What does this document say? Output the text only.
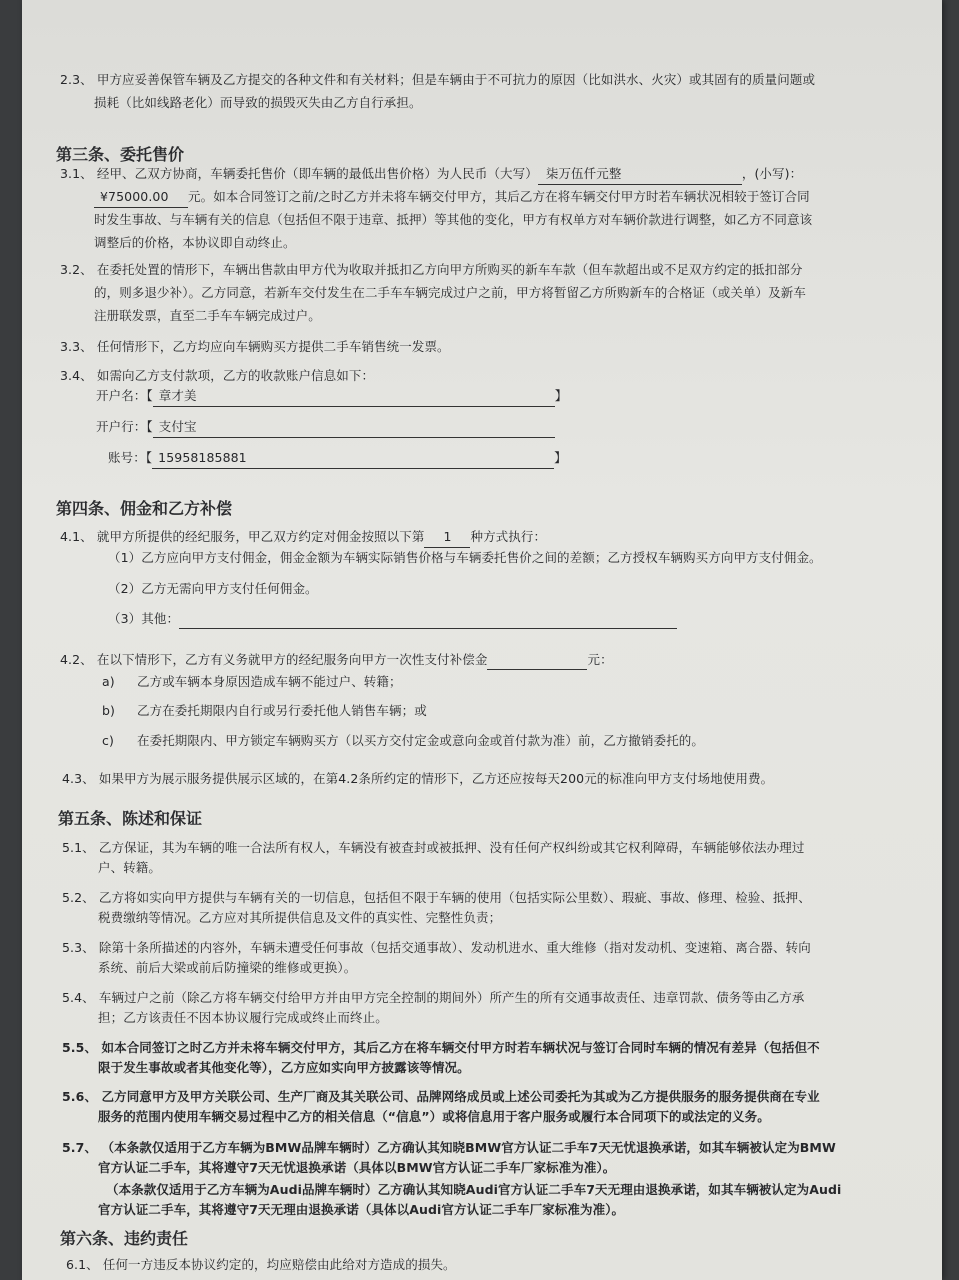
2.3、 甲方应妥善保管车辆及乙方提交的各种文件和有关材料；但是车辆由于不可抗力的原因（比如洪水、火灾）或其固有的质量问题或
损耗（比如线路老化）而导致的损毁灭失由乙方自行承担。
第三条、委托售价
3.1、 经甲、乙双方协商，车辆委托售价（即车辆的最低出售价格）为人民币（大写） 柒万伍仟元整	，(小写)：
¥75000.00 元。如本合同签订之前/之时乙方并未将车辆交付甲方，其后乙方在将车辆交付甲方时若车辆状况相较于签订合同
时发生事故、与车辆有关的信息（包括但不限于违章、抵押）等其他的变化，甲方有权单方对车辆价款进行调整，如乙方不同意该
调整后的价格，本协议即自动终止。
3.2、 在委托处置的情形下，车辆出售款由甲方代为收取并抵扣乙方向甲方所购买的新车车款（但车款超出或不足双方约定的抵扣部分
的，则多退少补）。乙方同意，若新车交付发生在二手车车辆完成过户之前，甲方将暂留乙方所购新车的合格证（或关单）及新车
注册联发票，直至二手车车辆完成过户。
3.3、 任何情形下，乙方均应向车辆购买方提供二手车销售统一发票。
3.4、 如需向乙方支付款项，乙方的收款账户信息如下：
开户名：【 章才美	】
开户行：【 支付宝
账号：【 15958185881	】
第四条、佣金和乙方补偿
4.1、 就甲方所提供的经纪服务，甲乙双方约定对佣金按照以下第 1 种方式执行：
（1）乙方应向甲方支付佣金，佣金金额为车辆实际销售价格与车辆委托售价之间的差额；乙方授权车辆购买方向甲方支付佣金。
（2）乙方无需向甲方支付任何佣金。
（3）其他：
4.2、 在以下情形下，乙方有义务就甲方的经纪服务向甲方一次性支付补偿金	元：
a) 乙方或车辆本身原因造成车辆不能过户、转籍；
b) 乙方在委托期限内自行或另行委托他人销售车辆；或
c) 在委托期限内、甲方锁定车辆购买方（以买方交付定金或意向金或首付款为准）前，乙方撤销委托的。
4.3、 如果甲方为展示服务提供展示区域的，在第4.2条所约定的情形下，乙方还应按每天200元的标准向甲方支付场地使用费。
第五条、陈述和保证
5.1、 乙方保证，其为车辆的唯一合法所有权人，车辆没有被查封或被抵押、没有任何产权纠纷或其它权利障碍，车辆能够依法办理过
户、转籍。
5.2、 乙方将如实向甲方提供与车辆有关的一切信息，包括但不限于车辆的使用（包括实际公里数）、瑕疵、事故、修理、检验、抵押、
税费缴纳等情况。乙方应对其所提供信息及文件的真实性、完整性负责；
5.3、 除第十条所描述的内容外，车辆未遭受任何事故（包括交通事故）、发动机进水、重大维修（指对发动机、变速箱、离合器、转向
系统、前后大梁或前后防撞梁的维修或更换）。
5.4、 车辆过户之前（除乙方将车辆交付给甲方并由甲方完全控制的期间外）所产生的所有交通事故责任、违章罚款、债务等由乙方承
担；乙方该责任不因本协议履行完成或终止而终止。
5.5、 如本合同签订之时乙方并未将车辆交付甲方，其后乙方在将车辆交付甲方时若车辆状况与签订合同时车辆的情况有差异（包括但不
限于发生事故或者其他变化等），乙方应如实向甲方披露该等情况。
5.6、 乙方同意甲方及甲方关联公司、生产厂商及其关联公司、品牌网络成员或上述公司委托为其或为乙方提供服务的服务提供商在专业
服务的范围内使用车辆交易过程中乙方的相关信息（“信息”）或将信息用于客户服务或履行本合同项下的或法定的义务。
5.7、 （本条款仅适用于乙方车辆为BMW品牌车辆时）乙方确认其知晓BMW官方认证二手车7天无忧退换承诺，如其车辆被认定为BMW
官方认证二手车，其将遵守7天无忧退换承诺（具体以BMW官方认证二手车厂家标准为准）。
（本条款仅适用于乙方车辆为Audi品牌车辆时）乙方确认其知晓Audi官方认证二手车7天无理由退换承诺，如其车辆被认定为Audi
官方认证二手车，其将遵守7天无理由退换承诺（具体以Audi官方认证二手车厂家标准为准）。
第六条、违约责任
6.1、 任何一方违反本协议约定的，均应赔偿由此给对方造成的损失。
